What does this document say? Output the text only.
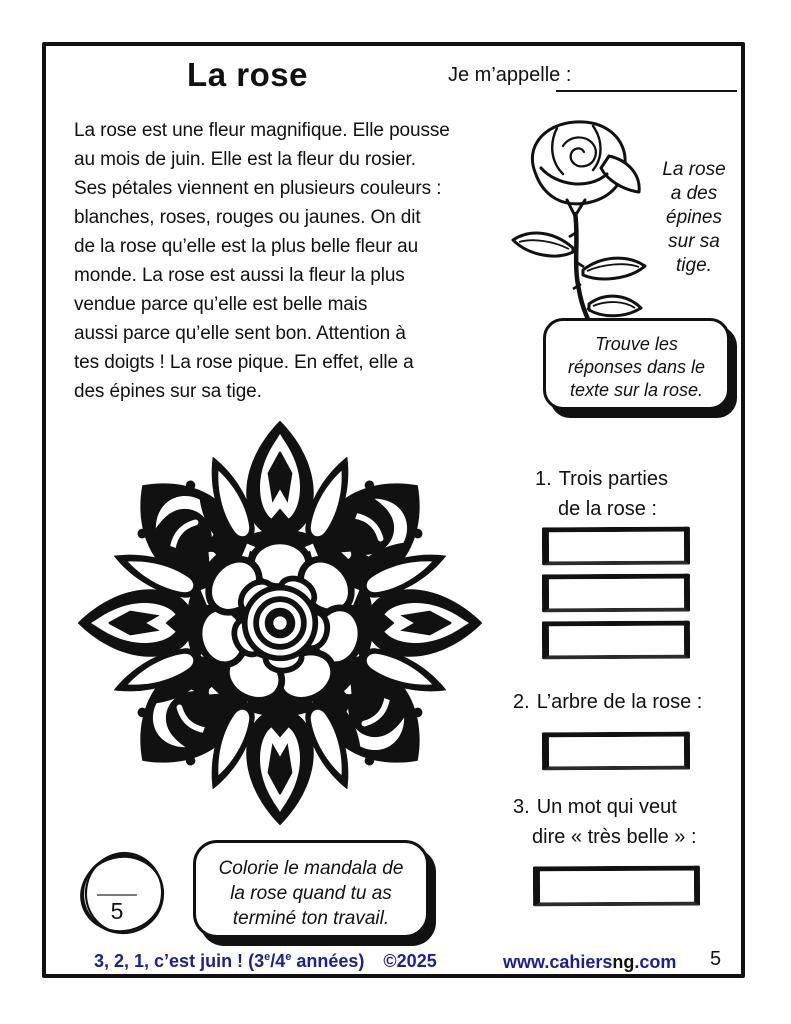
La rose	Je m’appelle :
La rose est une fleur magnifique. Elle pousse
au mois de juin. Elle est la fleur du rosier.
Ses pétales viennent en plusieurs couleurs :
blanches, roses, rouges ou jaunes. On dit
de la rose qu’elle est la plus belle fleur au
monde. La rose est aussi la fleur la plus
vendue parce qu’elle est belle mais
aussi parce qu’elle sent bon. Attention à
tes doigts ! La rose pique. En effet, elle a
des épines sur sa tige.
La rose
a des
épines
sur sa
tige.
Trouve les
réponses dans le
texte sur la rose.
1. Trois parties
de la rose :
2. L’arbre de la rose :
3. Un mot qui veut
dire « très belle » :
5
Colorie le mandala de
la rose quand tu as
terminé ton travail.
3, 2, 1, c’est juin ! (3e/4e années) ©2025	www.cahiersng.com 5
